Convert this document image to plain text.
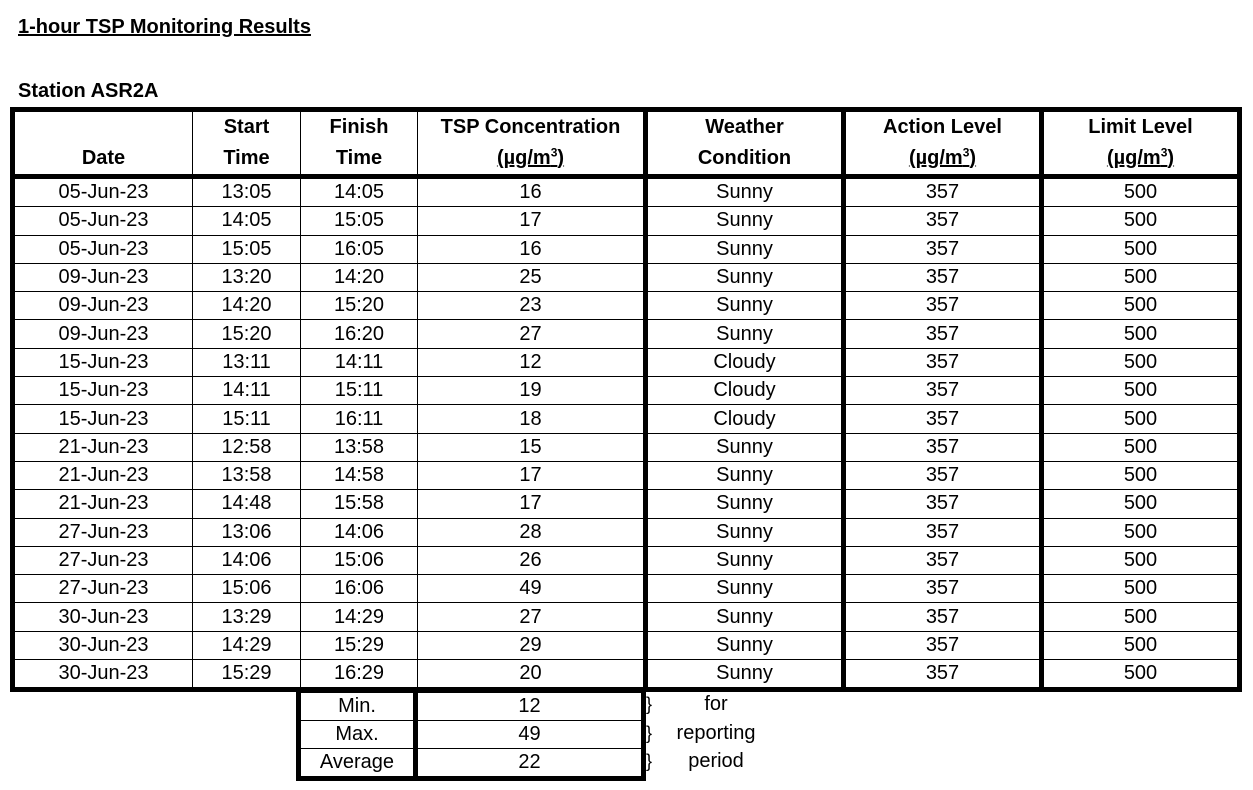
1-hour TSP Monitoring Results
Station ASR2A
	Start	Finish	TSP Concentration	Weather	Action Level	Limit Level
Date	Time	Time	$(\mu g/m^3)$	Condition	$(\mu g/m^3)$	$(\mu g/m^3)$
05-Jun-23	13:05	14:05	16	Sunny	357	500
05-Jun-23	14:05	15:05	17	Sunny	357	500
05-Jun-23	15:05	16:05	16	Sunny	357	500
09-Jun-23	13:20	14:20	25	Sunny	357	500
09-Jun-23	14:20	15:20	23	Sunny	357	500
09-Jun-23	15:20	16:20	27	Sunny	357	500
15-Jun-23	13:11	14:11	12	Cloudy	357	500
15-Jun-23	14:11	15:11	19	Cloudy	357	500
15-Jun-23	15:11	16:11	18	Cloudy	357	500
21-Jun-23	12:58	13:58	15	Sunny	357	500
21-Jun-23	13:58	14:58	17	Sunny	357	500
21-Jun-23	14:48	15:58	17	Sunny	357	500
27-Jun-23	13:06	14:06	28	Sunny	357	500
27-Jun-23	14:06	15:06	26	Sunny	357	500
27-Jun-23	15:06	16:06	49	Sunny	357	500
30-Jun-23	13:29	14:29	27	Sunny	357	500
30-Jun-23	14:29	15:29	29	Sunny	357	500
30-Jun-23	15:29	16:29	20	Sunny	357	500
Min.	12
Max.	49
Average	22
}	for
} reporting
} period
